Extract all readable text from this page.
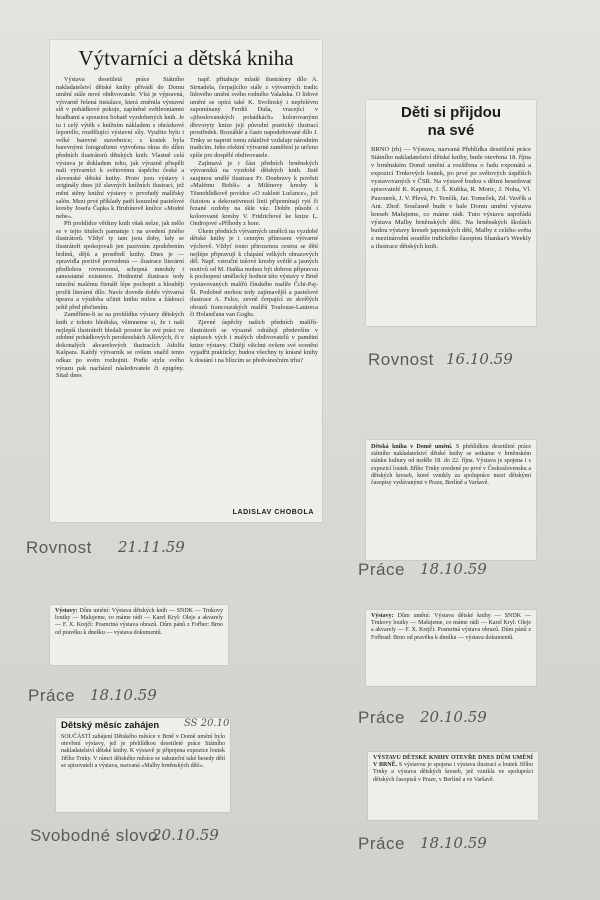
Výtvarníci a dětská kniha

Výstava desetiletá práce Státního nakladatelství dětské knihy přivádí do Domu umění stále nové obdivovatele. Vítá je výpravná, výtvarně řešená instalace, která změnila výstavní síň v pohádkové pokoje, zapíněné světleonianmi hradbami a spoustou bohatě vyzdobených knih. Je tu i celý výtěk s knížním nákladem s obrázkové leporello, rozdělující výstavní síly. Využito bylo i velké barevné stavebnice; z kostek byla barevnými fotografiemi vytvořena okna do dílen předních ilustrátorů dětských knih. Vlastně celá výstava je dokladem toho, jak výrazně přispěli naši výtvarníci k světovému úspěchu české a slovenské dětské knihy. Proto jsou výstavy i originály dnes již slavných knížních ilustrací, jež mění stěny knižní výstavy v prvořadý malířský salón. Mezi prvé příklady patří kouzelné pastelové kresby Josefa Čapka k Hrubínově knížce »Modré nebe«.

Při prohlídce většiny knih však nelze, jak mělo se v tejto titulech pamatuje i na uvedení jiného ilustrátorů. Vždyť ty tam jsou doby, kdy se ilustrátoři spokojovali jen pasivním zpodobením hrdinů, dějů a prostředí knihy. Dnes je — zpravidla poctivě provedená — ilustrace literární předlohou rovnocenná, schopná mnohdy i samostatné existence. Hodnotně ilustrace tedy umožní malému čtenáři lépe pochopit a hlouběji prožít literární dílo. Navíc dovede dobře výtvarná úprava a výzdoba učinit knihu milou a žádoucí ještě před přečtením.

Zaměříme-li se na prohlídku výstavy dětských knih z tohoto hlediska, všimneme si, že i naši nejlepší ilustrátoři hledali prostor ke své práci ve zdobné pohádkových perokresbách Alšových, či v dokonalých akvarelových ilustracích Adolfa Kašpara. Každý výtvarník se ovšem snažil tento odkaz po svém rozhojnit. Podle stylu svého výrazu pak nacházel následovatele či epigóny. Sitaž dnes

např. přitahuje mladé ilustrátory dílo A. Strnadela, čerpajícího stále z výtvarných tradic lidového umění svého rodného Valašska. O lidové umění se opírá také K. Svolinský i nepřelévm zapomínaný Ferdiš Duša, vracející v »jihoslovanských pohádkách« kolorovanými dřevoryty knize její původní poetický ilustrací prostředek. Rozsáhlé a často napodobované dílo J. Trnky se naproti tomu zdánlivě vzdaluje národním tradicím. Jeho efektní výtvarné zaměření je určeno spíše pro dospělé obdivovatele.

Zajímavá je i část předních brněnských výtvarníků na vyzdobě dětských knih. Jistě zaujmou smělé ilustrace Fr. Doubravy k pověsti »Malému Bobši« a Milénovy kresby k Těsnohlídkově povídce »O zakleté Lučance«, jež čistotou a dekorativností linií připomínají rytí či řezané ozdoby na skle váz. Dobře působí i kolorované kresby V. Fridrichové ke knize L. Ondrojové »Příhody z hore.

Úkem předních výtvarných umělců na vyzdobě dětské knihy je i cenným přínosem výtvarné výchově. Vždyť touto přirozenou cestou se dětí nejlépe připravují k chápání velkých obrazových děl. Např. vstruční tušové kresby světlé a jasných motivů od M. Haňka mohou být dobrou přípravou k pochopení umělecký hodnot této výstavy v Brně vystavovaných malířů čínského malíře Čchi-Paj-ŠI. Podobně mohou tedy zajímavější a pastelové ilustrace A. Felce, zevně čerpající ze skvělých obrazů francouzských malířů Toulouse-Lautreca či Holanďana van Goghs.

Zjevné úspěchy našich předních malířů-ilustrátorů se výrazně odrážejí především v zápisech vých i malých obdivovatelů v pamětní knize výstavy. Chtějí všichni ovšem své ocenění vyjadřit prakticky; budou všechny ty krásné knihy k dostání i na blízcím se předvánočním trhu?

LADISLAV CHOBOLA
Rovnost 21.11.59
Děti si přijdou
na své
BRNO (rb) — Výstava, nazvaná Přehlídka desetileté práce Státního nakladatelství dětské knihy, bude otevřena 18. října v brněnském Domě umění a rozšířena o řadu exponátů a expozicí Trnkových loutek, po prvé po světových úspěších vystavovaných v ČSR. Na výstavě budou s dětmi besedovat spisovatelé K. Kapoun, J. Š. Kubka, R. Moric, J. Noha, Vl. Pazourek, J. V. Plevá, Fr. Tenčík, Jar. Tomeček, Zd. Vavřík a Ant. Zhoř. Současně bude v hale Domu umění výstava kreseb Malujeme, co máme rádi. Tuto výstavu uspořádá výstava Malby brněnských dětí. Na brněnských školách budou výstavy kreseb japonských dětí, Malby z celého světa z mezinárodní soutěže indického časopisu Shankar's Weekly a ilustrace dětských knih.
Rovnost 16.10.59
Dětská kniha v Domě umění. S přehlídkou desetileté práce státního nakladatelství dětské knihy se setkáme v brněnském stánku kultury od neděle 18. do 22. října. Výstava je spojena i s expozicí loutek Jiřího Trnky uvedené po prvé v Československu a dětských kreseb, které vznikly za spolupráce mezi dětskými časopisy vydávanými v Praze, Berlíně a Varšavě.
Práce 18.10.59
Výstavy: Dům umění: Výstava dětských knih — SNDK — Trnkovy loutky — Malujeme, co máme rádi — Karel Kryl: Oleje a akvarely — F. X. Krejčí: Posmrtná výstava obrazů. Dům pánů z Fořber: Brno od pravěku k dnešku — výstava dokumentů.
Práce 18.10.59
Výstavy: Dům umění: Výstava dětské knihy — SNDK — Trnkovy loutky — Malujeme, co máme rádi — Karel Kryl: Oleje a akvarely — F. X. Krejčí: Posmrtná výstava obrazů. Dům pánů z Fořbrad: Brno od pravěku k dnešku — výstava dokumentů.
Práce 20.10.59
Dětský měsíc zahájen SS 20.10
SOUČÁSTÍ zahájení Dětského měsíce v Brně v Domě umění bylo otevření výstavy, jež je přehlídkou desetileté práce Státního nakladatelství dětské knihy. K výstavě je připojena expozice loutek Jiřího Trnky. V rámci dětského měsíce se uskuteční také besedy dětí se spisovateli a výstava, nazvaná »Malby brněnských dětí«.
Svobodné slovo
20.10.59
VÝSTAVU DĚTSKÉ KNIHY OTEVŘE DNES DŮM UMĚNÍ V BRNĚ. S výstavou je spojena i výstava ilustrací a loutek Jiřího Trnky a výstava dětských kreseb, jež vznikla ve spolupráci dětských časopisů v Praze, v Berlíně a ve Varšavě.
Práce 18.10.59
